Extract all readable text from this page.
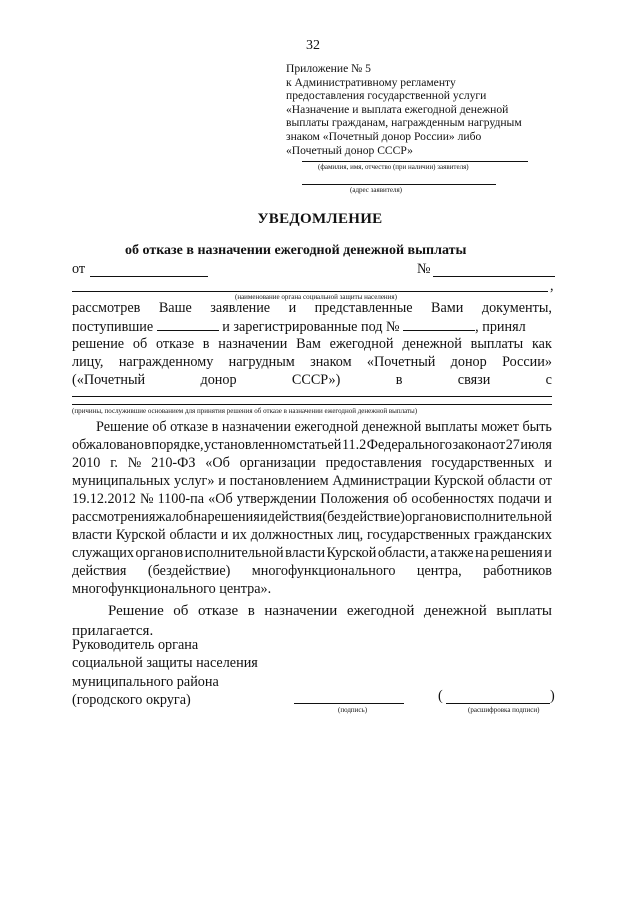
32
Приложение № 5
к Административному регламенту
предоставления государственной услуги
«Назначение и выплата ежегодной денежной
выплаты гражданам, награжденным нагрудным
знаком «Почетный донор России» либо
«Почетный донор СССР»
(фамилия, имя, отчество (при наличии) заявителя)
(адрес заявителя)
УВЕДОМЛЕНИЕ
об отказе в назначении ежегодной денежной выплаты
от	№
,
(наименование органа социальной защиты населения)
рассмотрев Ваше заявление и представленные Вами документы,
поступившие	и зарегистрированные под №	, принял
решение об отказе в назначении Вам ежегодной денежной выплаты как
лицу, награжденному нагрудным знаком «Почетный донор России»
(«Почетный	донор	СССР»)	в	связи	с
(причины, послужившие основанием для принятия решения об отказе в назначении ежегодной денежной выплаты)
Решение об отказе в назначении ежегодной денежной выплаты может быть
обжаловано в порядке, установленном статьей 11.2 Федерального закона от 27 июля
2010 г. № 210-ФЗ «Об организации предоставления государственных и
муниципальных услуг» и постановлением Администрации Курской области от
19.12.2012 № 1100-па «Об утверждении Положения об особенностях подачи и
рассмотрения жалоб на решения и действия (бездействие) органов исполнительной
власти Курской области и их должностных лиц, государственных гражданских
служащих органов исполнительной власти Курской области, а также на решения и
действия (бездействие) многофункционального центра, работников
многофункционального центра».
Решение об отказе в назначении ежегодной денежной выплаты
прилагается.
Руководитель органа
социальной защиты населения
муниципального района
(городского округа)
(подпись)
(	)
(расшифровка подписи)
